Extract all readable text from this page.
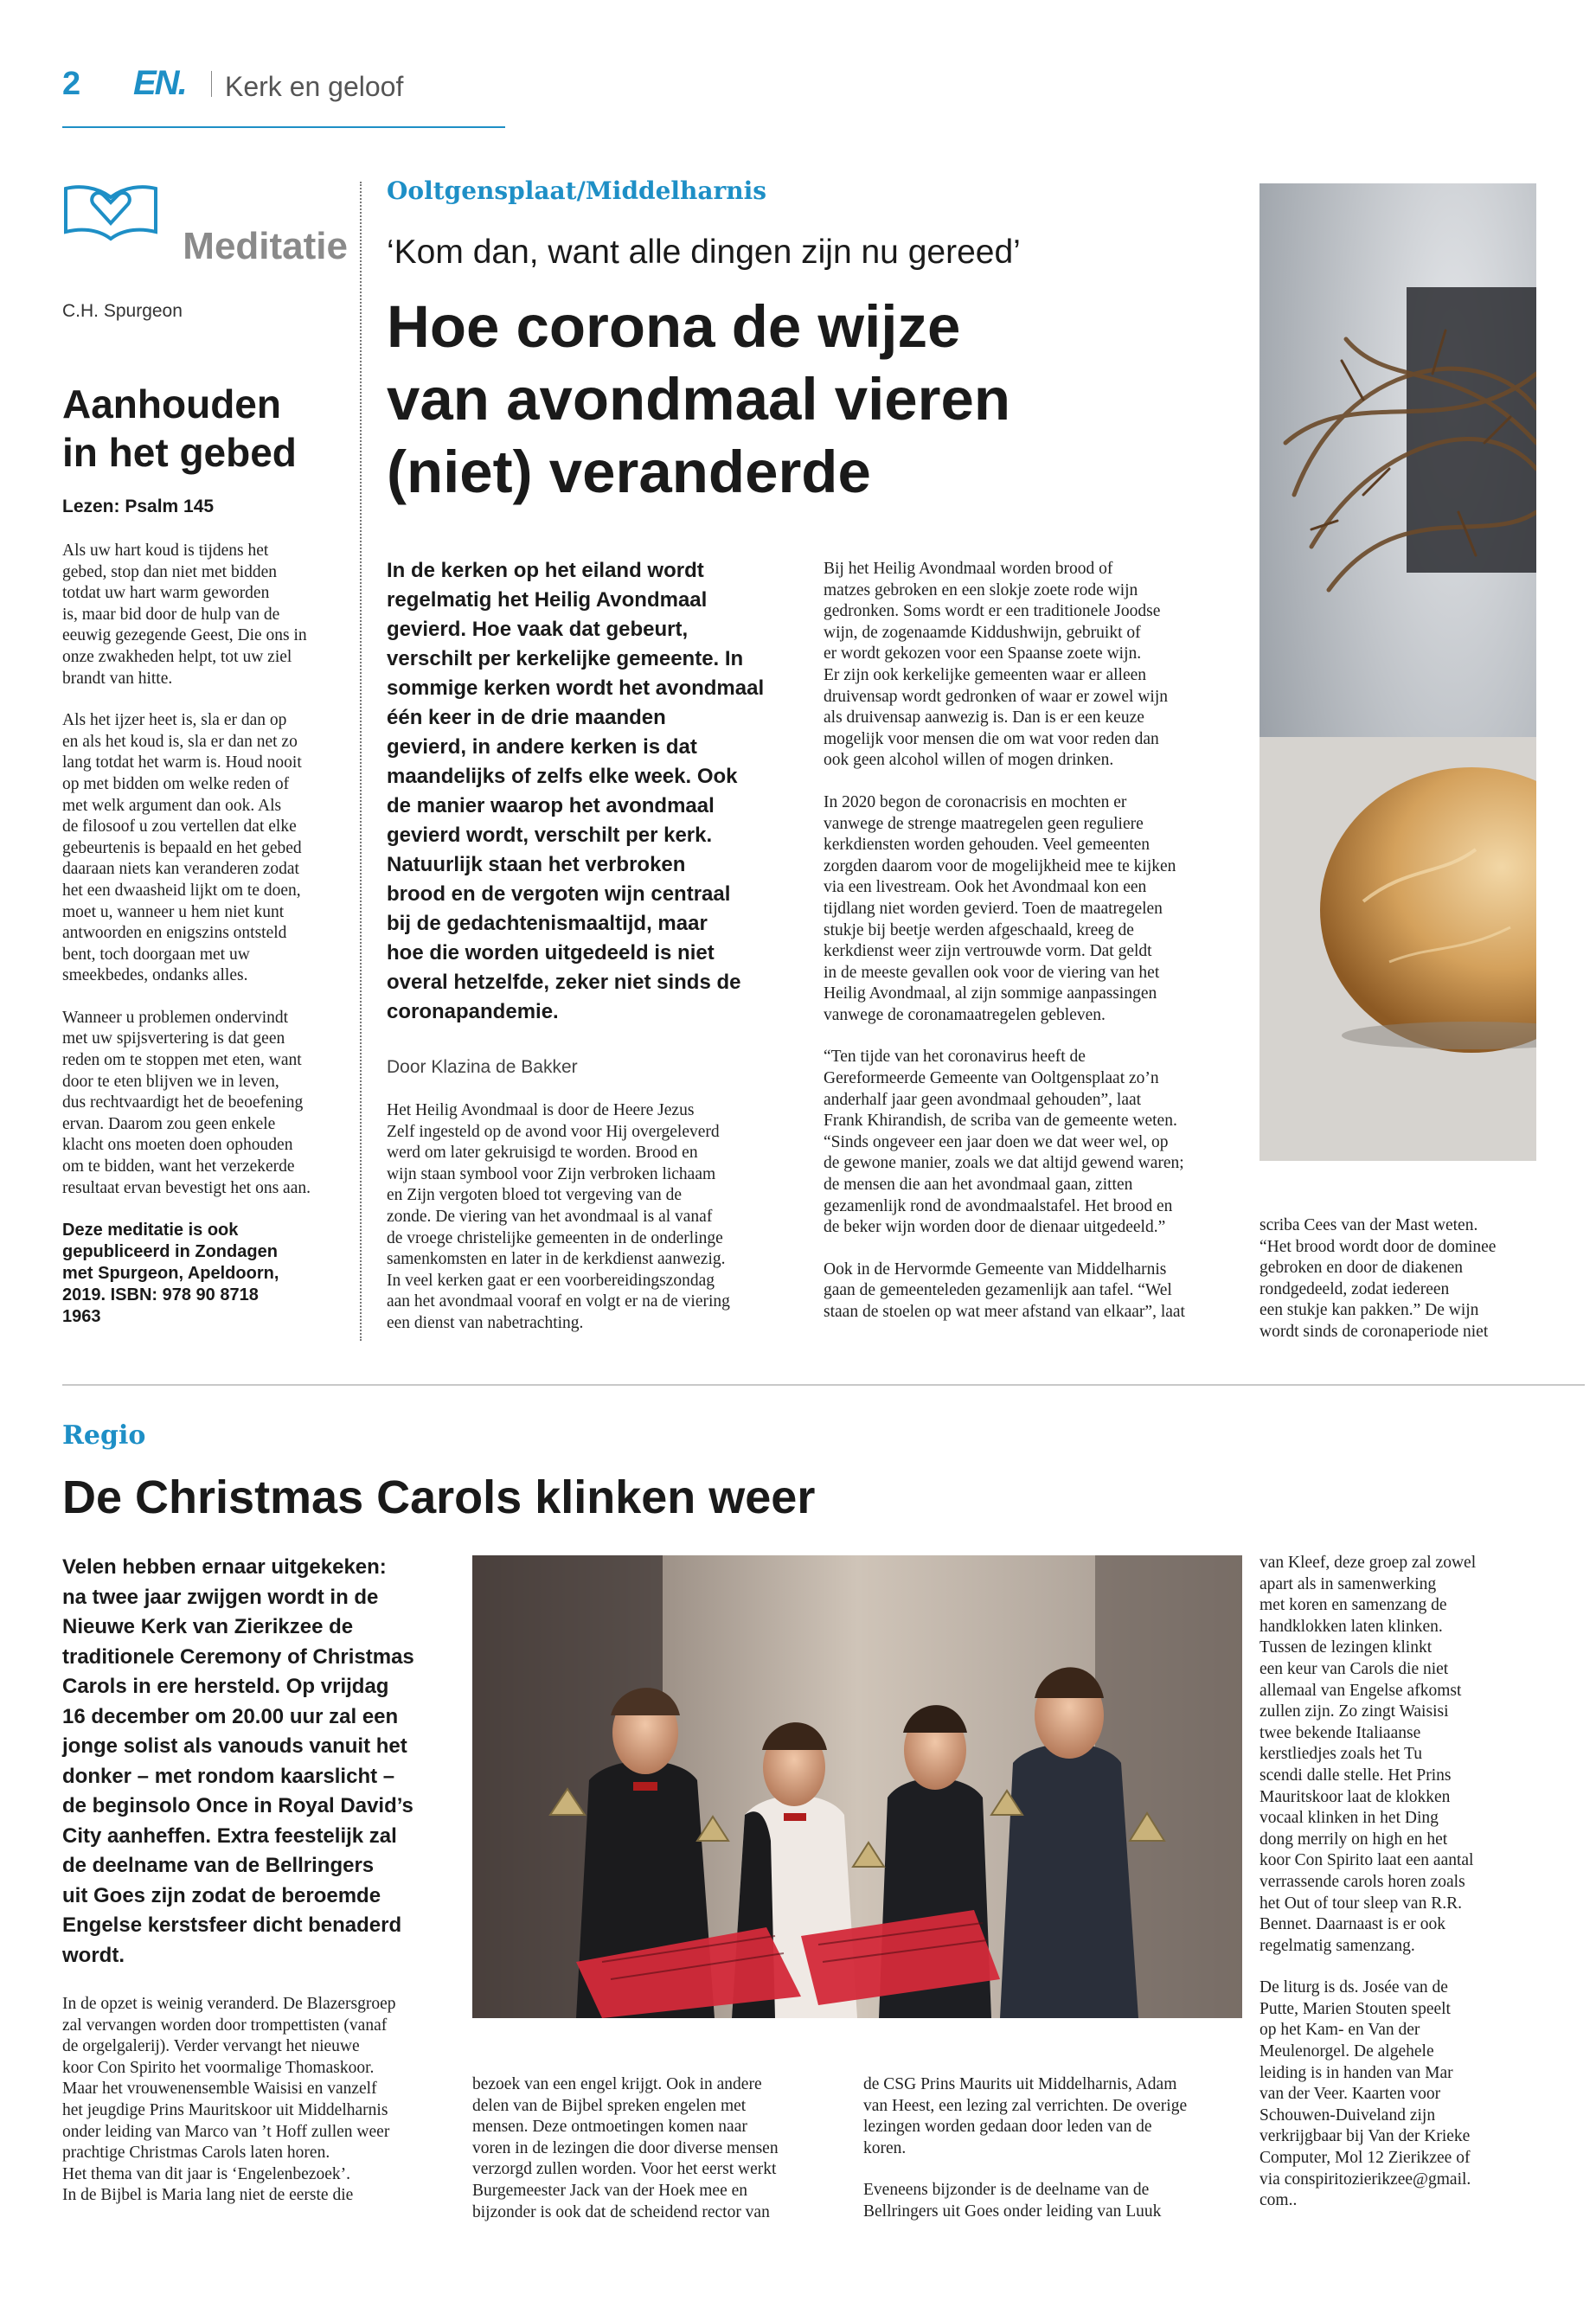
2 EN. Kerk en geloof
Meditatie
C.H. Spurgeon
Aanhouden
in het gebed
Lezen: Psalm 145

Als uw hart koud is tijdens het
gebed, stop dan niet met bidden
totdat uw hart warm geworden
is, maar bid door de hulp van de
eeuwig gezegende Geest, Die ons in
onze zwakheden helpt, tot uw ziel
brandt van hitte.

Als het ijzer heet is, sla er dan op
en als het koud is, sla er dan net zo
lang totdat het warm is. Houd nooit
op met bidden om welke reden of
met welk argument dan ook. Als
de filosoof u zou vertellen dat elke
gebeurtenis is bepaald en het gebed
daaraan niets kan veranderen zodat
het een dwaasheid lijkt om te doen,
moet u, wanneer u hem niet kunt
antwoorden en enigszins ontsteld
bent, toch doorgaan met uw
smeekbedes, ondanks alles.

Wanneer u problemen ondervindt
met uw spijsvertering is dat geen
reden om te stoppen met eten, want
door te eten blijven we in leven,
dus rechtvaardigt het de beoefening
ervan. Daarom zou geen enkele
klacht ons moeten doen ophouden
om te bidden, want het verzekerde
resultaat ervan bevestigt het ons aan.

Deze meditatie is ook
gepubliceerd in Zondagen
met Spurgeon, Apeldoorn,
2019. ISBN: 978 90 8718
1963

Ooltgensplaat/Middelharnis
‘Kom dan, want alle dingen zijn nu gereed’
Hoe corona de wijze
van avondmaal vieren
(niet) veranderde

In de kerken op het eiland wordt
regelmatig het Heilig Avondmaal
gevierd. Hoe vaak dat gebeurt,
verschilt per kerkelijke gemeente. In
sommige kerken wordt het avondmaal
één keer in de drie maanden
gevierd, in andere kerken is dat
maandelijks of zelfs elke week. Ook
de manier waarop het avondmaal
gevierd wordt, verschilt per kerk.
Natuurlijk staan het verbroken
brood en de vergoten wijn centraal
bij de gedachtenismaaltijd, maar
hoe die worden uitgedeeld is niet
overal hetzelfde, zeker niet sinds de
coronapandemie.

Door Klazina de Bakker

Het Heilig Avondmaal is door de Heere Jezus
Zelf ingesteld op de avond voor Hij overgeleverd
werd om later gekruisigd te worden. Brood en
wijn staan symbool voor Zijn verbroken lichaam
en Zijn vergoten bloed tot vergeving van de
zonde. De viering van het avondmaal is al vanaf
de vroege christelijke gemeenten in de onderlinge
samenkomsten en later in de kerkdienst aanwezig.
In veel kerken gaat er een voorbereidingszondag
aan het avondmaal vooraf en volgt er na de viering
een dienst van nabetrachting.

Bij het Heilig Avondmaal worden brood of
matzes gebroken en een slokje zoete rode wijn
gedronken. Soms wordt er een traditionele Joodse
wijn, de zogenaamde Kiddushwijn, gebruikt of
er wordt gekozen voor een Spaanse zoete wijn.
Er zijn ook kerkelijke gemeenten waar er alleen
druivensap wordt gedronken of waar er zowel wijn
als druivensap aanwezig is. Dan is er een keuze
mogelijk voor mensen die om wat voor reden dan
ook geen alcohol willen of mogen drinken.

In 2020 begon de coronacrisis en mochten er
vanwege de strenge maatregelen geen reguliere
kerkdiensten worden gehouden. Veel gemeenten
zorgden daarom voor de mogelijkheid mee te kijken
via een livestream. Ook het Avondmaal kon een
tijdlang niet worden gevierd. Toen de maatregelen
stukje bij beetje werden afgeschaald, kreeg de
kerkdienst weer zijn vertrouwde vorm. Dat geldt
in de meeste gevallen ook voor de viering van het
Heilig Avondmaal, al zijn sommige aanpassingen
vanwege de coronamaatregelen gebleven.

“Ten tijde van het coronavirus heeft de
Gereformeerde Gemeente van Ooltgensplaat zo’n
anderhalf jaar geen avondmaal gehouden”, laat
Frank Khirandish, de scriba van de gemeente weten.
“Sinds ongeveer een jaar doen we dat weer wel, op
de gewone manier, zoals we dat altijd gewend waren;
de mensen die aan het avondmaal gaan, zitten
gezamenlijk rond de avondmaalstafel. Het brood en
de beker wijn worden door de dienaar uitgedeeld.”

Ook in de Hervormde Gemeente van Middelharnis
gaan de gemeenteleden gezamenlijk aan tafel. “Wel
staan de stoelen op wat meer afstand van elkaar”, laat

scriba Cees van der Mast weten.
“Het brood wordt door de dominee
gebroken en door de diakenen
rondgedeeld, zodat iedereen
een stukje kan pakken.” De wijn
wordt sinds de coronaperiode niet

Regio
De Christmas Carols klinken weer

Velen hebben ernaar uitgekeken:
na twee jaar zwijgen wordt in de
Nieuwe Kerk van Zierikzee de
traditionele Ceremony of Christmas
Carols in ere hersteld. Op vrijdag
16 december om 20.00 uur zal een
jonge solist als vanouds vanuit het
donker – met rondom kaarslicht –
de beginsolo Once in Royal David’s
City aanheffen. Extra feestelijk zal
de deelname van de Bellringers
uit Goes zijn zodat de beroemde
Engelse kerstsfeer dicht benaderd
wordt.

In de opzet is weinig veranderd. De Blazersgroep
zal vervangen worden door trompettisten (vanaf
de orgelgalerij). Verder vervangt het nieuwe
koor Con Spirito het voormalige Thomaskoor.
Maar het vrouwenensemble Waisisi en vanzelf
het jeugdige Prins Mauritskoor uit Middelharnis
onder leiding van Marco van ’t Hoff zullen weer
prachtige Christmas Carols laten horen.
Het thema van dit jaar is ‘Engelenbezoek’.
In de Bijbel is Maria lang niet de eerste die

bezoek van een engel krijgt. Ook in andere
delen van de Bijbel spreken engelen met
mensen. Deze ontmoetingen komen naar
voren in de lezingen die door diverse mensen
verzorgd zullen worden. Voor het eerst werkt
Burgemeester Jack van der Hoek mee en
bijzonder is ook dat de scheidend rector van

de CSG Prins Maurits uit Middelharnis, Adam
van Heest, een lezing zal verrichten. De overige
lezingen worden gedaan door leden van de
koren.

Eveneens bijzonder is de deelname van de
Bellringers uit Goes onder leiding van Luuk

van Kleef, deze groep zal zowel
apart als in samenwerking
met koren en samenzang de
handklokken laten klinken.
Tussen de lezingen klinkt
een keur van Carols die niet
allemaal van Engelse afkomst
zullen zijn. Zo zingt Waisisi
twee bekende Italiaanse
kerstliedjes zoals het Tu
scendi dalle stelle. Het Prins
Mauritskoor laat de klokken
vocaal klinken in het Ding
dong merrily on high en het
koor Con Spirito laat een aantal
verrassende carols horen zoals
het Out of tour sleep van R.R.
Bennet. Daarnaast is er ook
regelmatig samenzang.

De liturg is ds. Josée van de
Putte, Marien Stouten speelt
op het Kam- en Van der
Meulenorgel. De algehele
leiding is in handen van Mar
van der Veer. Kaarten voor
Schouwen-Duiveland zijn
verkrijgbaar bij Van der Krieke
Computer, Mol 12 Zierikzee of
via conspiritozierikzee@gmail.
com..
